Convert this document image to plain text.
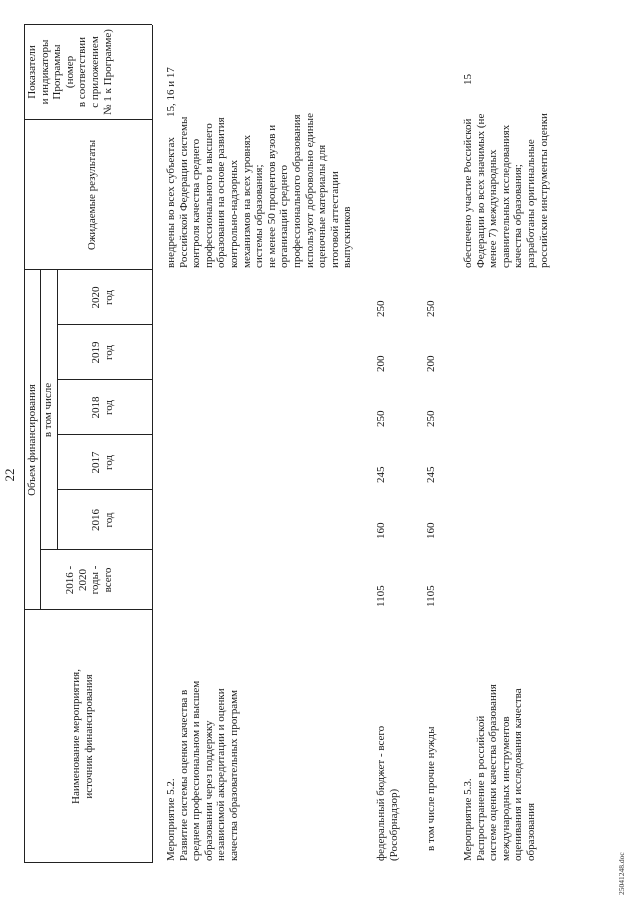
22
Наименование мероприятия,
источник финансирования
Объем финансирования
2016 -
2020
годы -
всего
в том числе
2016
год
2017
год
2018
год
2019
год
2020
год
Ожидаемые результаты
Показатели
и индикаторы
Программы
(номер
в соответствии
с приложением
№ 1 к Программе)
Мероприятие 5.2.
Развитие системы оценки качества в
среднем профессиональном и высшем
образовании через поддержку
независимой аккредитации и оценки
качества образовательных программ
внедрены во всех субъектах
Российской Федерации системы
контроля качества среднего
профессионального и высшего
образования на основе развития
контрольно-надзорных
механизмов на всех уровнях
системы образования;
не менее 50 процентов вузов и
организаций среднего
профессионального образования
используют добровольно единые
оценочные материалы для
итоговой аттестации выпускников
15, 16 и 17
федеральный бюджет - всего
(Рособрнадзор)
1105
160
245
250
200
250
в том числе прочие нужды
1105
160
245
250
200
250
Мероприятие 5.3.
Распространение в российской
системе оценки качества образования
международных инструментов
оценивания и исследования качества
образования
обеспечено участие Российской
Федерации во всех значимых (не
менее 7) международных
сравнительных исследованиях
качества образования;
разработаны оригинальные
российские инструменты оценки
15
25041248.doc
